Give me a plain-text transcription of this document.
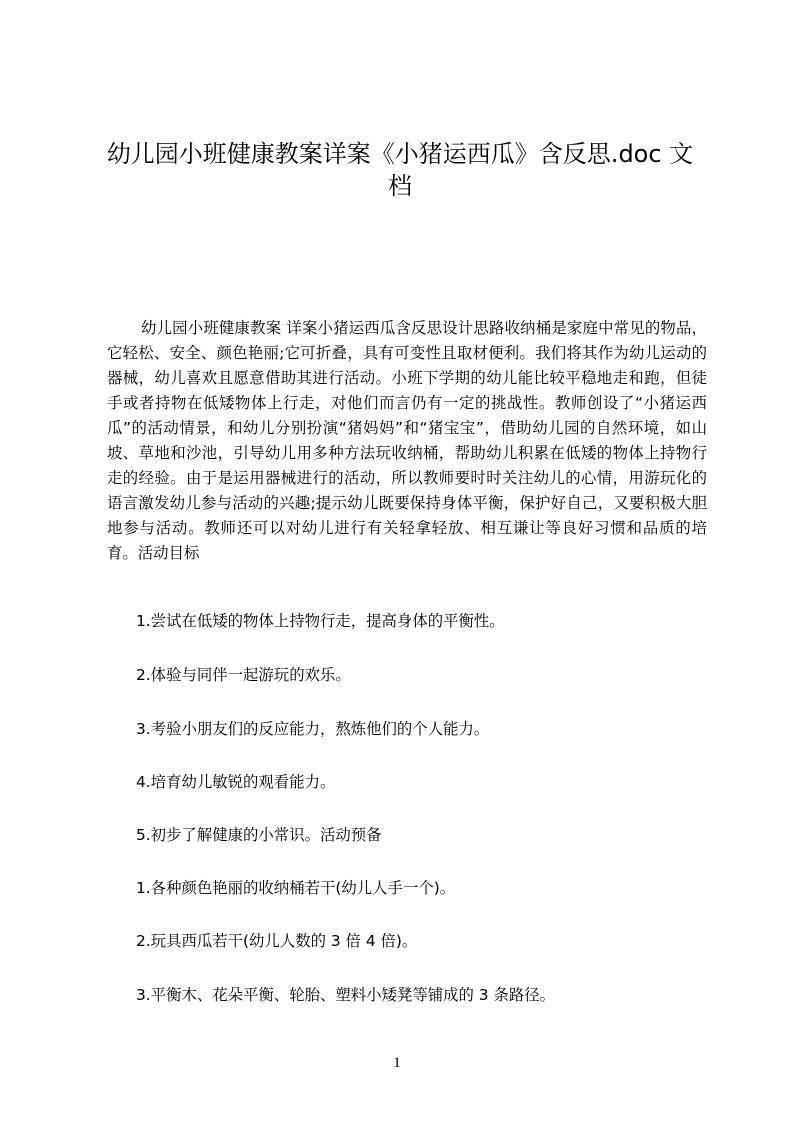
幼儿园小班健康教案详案《小猪运西瓜》含反思.doc 文档
幼儿园小班健康教案 详案小猪运西瓜含反思设计思路收纳桶是家庭中常见的物品，它轻松、安全、颜色艳丽;它可折叠，具有可变性且取材便利。我们将其作为幼儿运动的器械，幼儿喜欢且愿意借助其进行活动。小班下学期的幼儿能比较平稳地走和跑，但徒手或者持物在低矮物体上行走，对他们而言仍有一定的挑战性。教师创设了“小猪运西瓜”的活动情景，和幼儿分别扮演“猪妈妈”和“猪宝宝”，借助幼儿园的自然环境，如山坡、草地和沙池，引导幼儿用多种方法玩收纳桶，帮助幼儿积累在低矮的物体上持物行走的经验。由于是运用器械进行的活动，所以教师要时时关注幼儿的心情，用游玩化的语言激发幼儿参与活动的兴趣;提示幼儿既要保持身体平衡，保护好自己，又要积极大胆地参与活动。教师还可以对幼儿进行有关轻拿轻放、相互谦让等良好习惯和品质的培育。活动目标
1.尝试在低矮的物体上持物行走，提高身体的平衡性。
2.体验与同伴一起游玩的欢乐。
3.考验小朋友们的反应能力，熬炼他们的个人能力。
4.培育幼儿敏锐的观看能力。
5.初步了解健康的小常识。活动预备
1.各种颜色艳丽的收纳桶若干(幼儿人手一个)。
2.玩具西瓜若干(幼儿人数的 3 倍 4 倍)。
3.平衡木、花朵平衡、轮胎、塑料小矮凳等铺成的 3 条路径。
1
